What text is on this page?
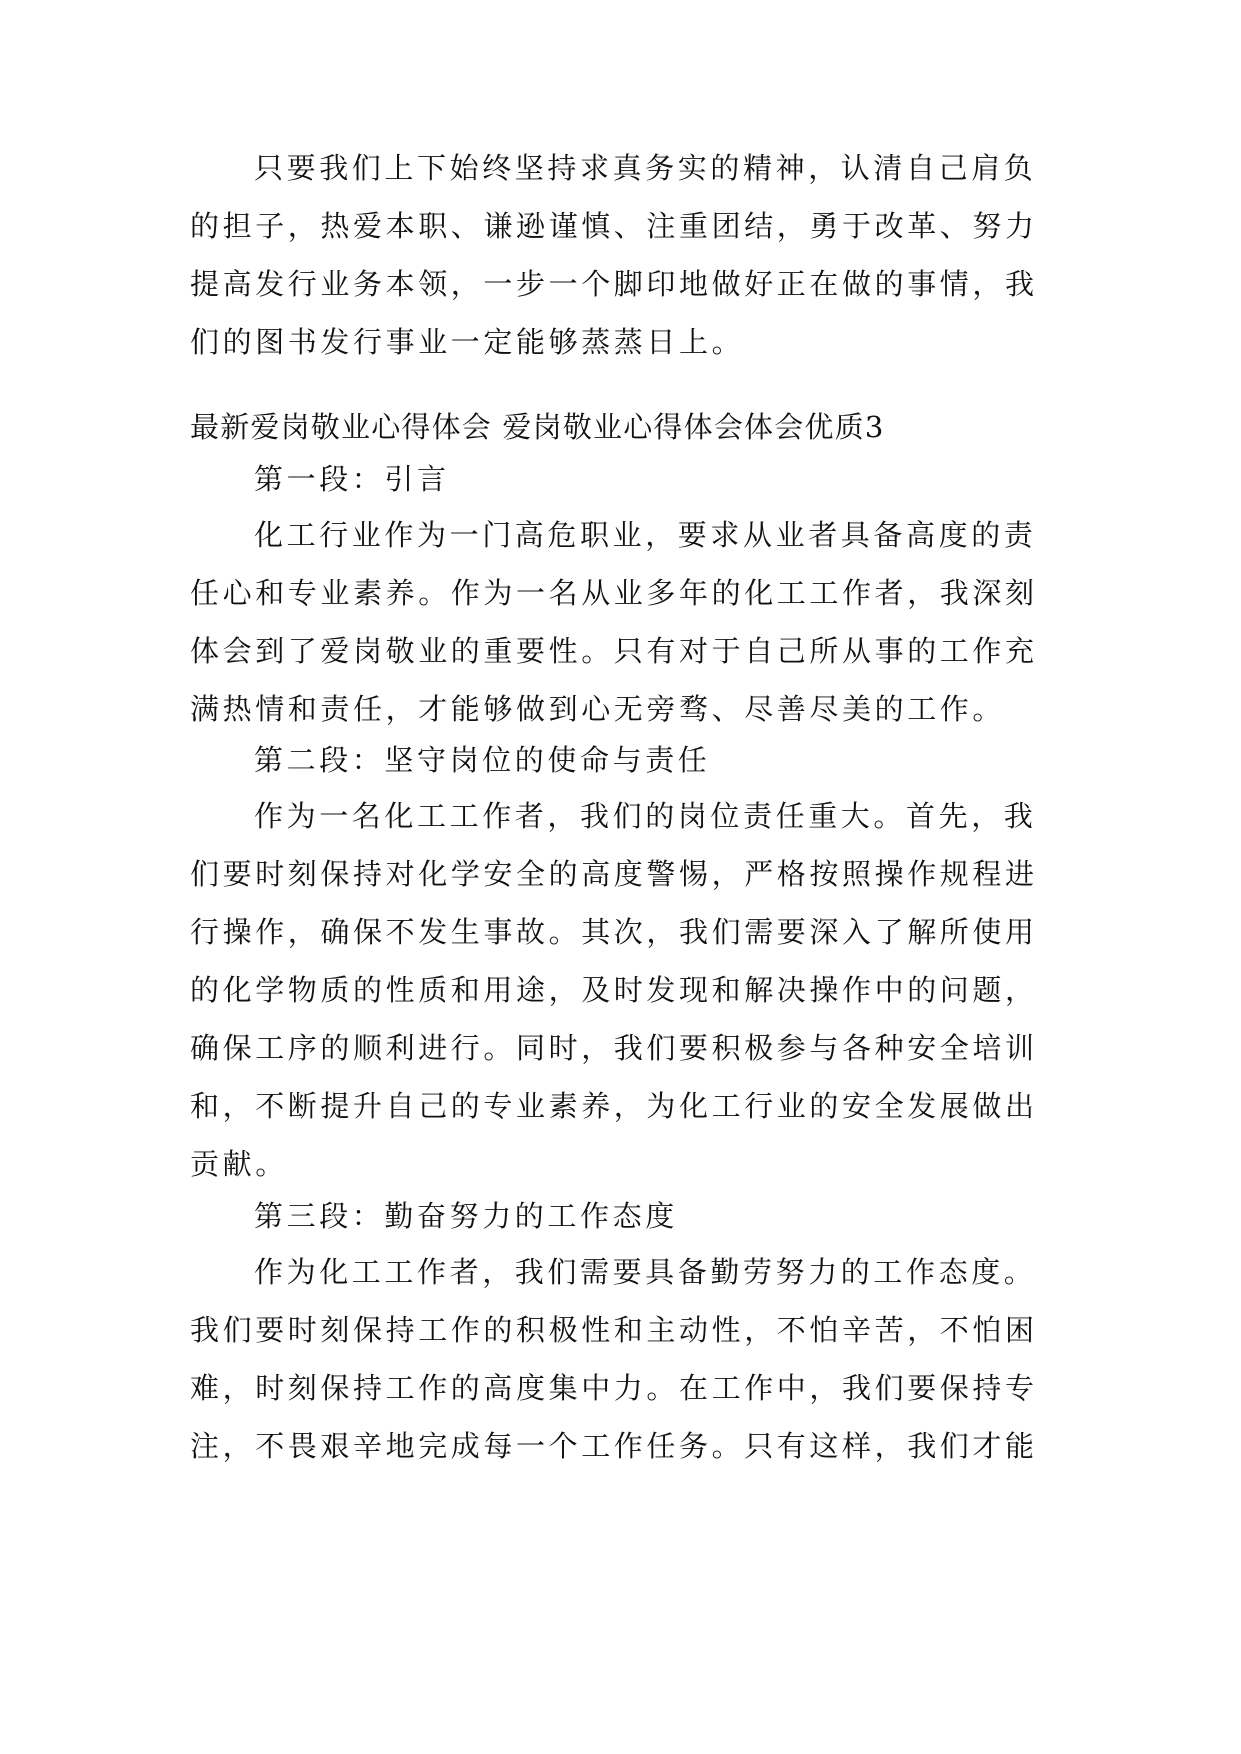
只要我们上下始终坚持求真务实的精神，认清自己肩负
的担子，热爱本职、谦逊谨慎、注重团结，勇于改革、努力
提高发行业务本领，一步一个脚印地做好正在做的事情，我
们的图书发行事业一定能够蒸蒸日上。
最新爱岗敬业心得体会 爱岗敬业心得体会体会优质3
第一段：引言
化工行业作为一门高危职业，要求从业者具备高度的责
任心和专业素养。作为一名从业多年的化工工作者，我深刻
体会到了爱岗敬业的重要性。只有对于自己所从事的工作充
满热情和责任，才能够做到心无旁骛、尽善尽美的工作。
第二段：坚守岗位的使命与责任
作为一名化工工作者，我们的岗位责任重大。首先，我
们要时刻保持对化学安全的高度警惕，严格按照操作规程进
行操作，确保不发生事故。其次，我们需要深入了解所使用
的化学物质的性质和用途，及时发现和解决操作中的问题，
确保工序的顺利进行。同时，我们要积极参与各种安全培训
和，不断提升自己的专业素养，为化工行业的安全发展做出
贡献。
第三段：勤奋努力的工作态度
作为化工工作者，我们需要具备勤劳努力的工作态度。
我们要时刻保持工作的积极性和主动性，不怕辛苦，不怕困
难，时刻保持工作的高度集中力。在工作中，我们要保持专
注，不畏艰辛地完成每一个工作任务。只有这样，我们才能
